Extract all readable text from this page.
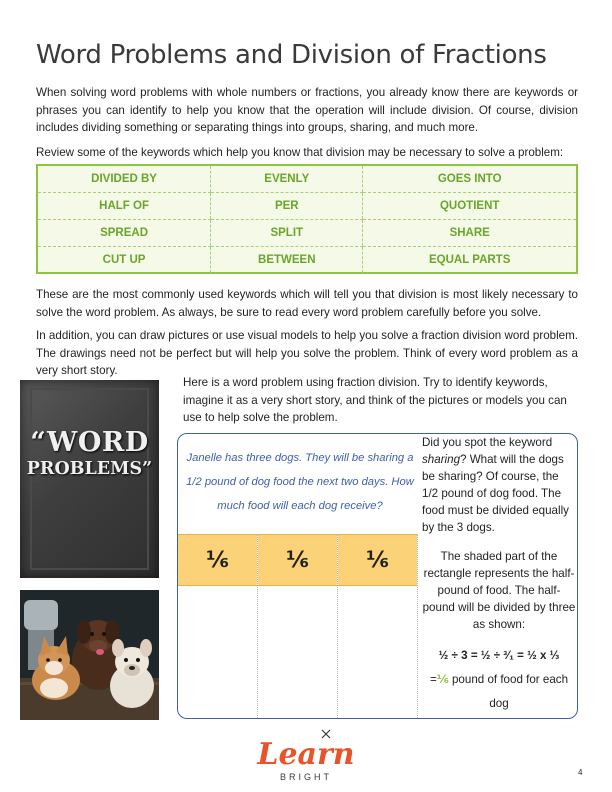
Word Problems and Division of Fractions

When solving word problems with whole numbers or fractions, you already know there are keywords or phrases you can identify to help you know that the operation will include division. Of course, division includes dividing something or separating things into groups, sharing, and much more.

Review some of the keywords which help you know that division may be necessary to solve a problem:

DIVIDED BY	EVENLY	GOES INTO
HALF OF	PER	QUOTIENT
SPREAD	SPLIT	SHARE
CUT UP	BETWEEN	EQUAL PARTS

These are the most commonly used keywords which will tell you that division is most likely necessary to solve the word problem. As always, be sure to read every word problem carefully before you solve.

In addition, you can draw pictures or use visual models to help you solve a fraction division word problem. The drawings need not be perfect but will help you solve the problem. Think of every word problem as a very short story.

“WORD
PROBLEMS”

Here is a word problem using fraction division. Try to identify keywords, imagine it as a very short story, and think of the pictures or models you can use to help solve the problem.

Janelle has three dogs. They will be sharing a 1/2 pound of dog food the next two days. How much food will each dog receive?

⅙	⅙	⅙

Did you spot the keyword sharing? What will the dogs be sharing? Of course, the 1/2 pound of dog food. The food must be divided equally by the 3 dogs.

The shaded part of the rectangle represents the half-pound of food. The half-pound will be divided by three as shown:

½ ÷ 3 = ½ ÷ ³⁄₁ = ½ x ⅓
=⅙ pound of food for each dog

Learn
BRIGHT	4
